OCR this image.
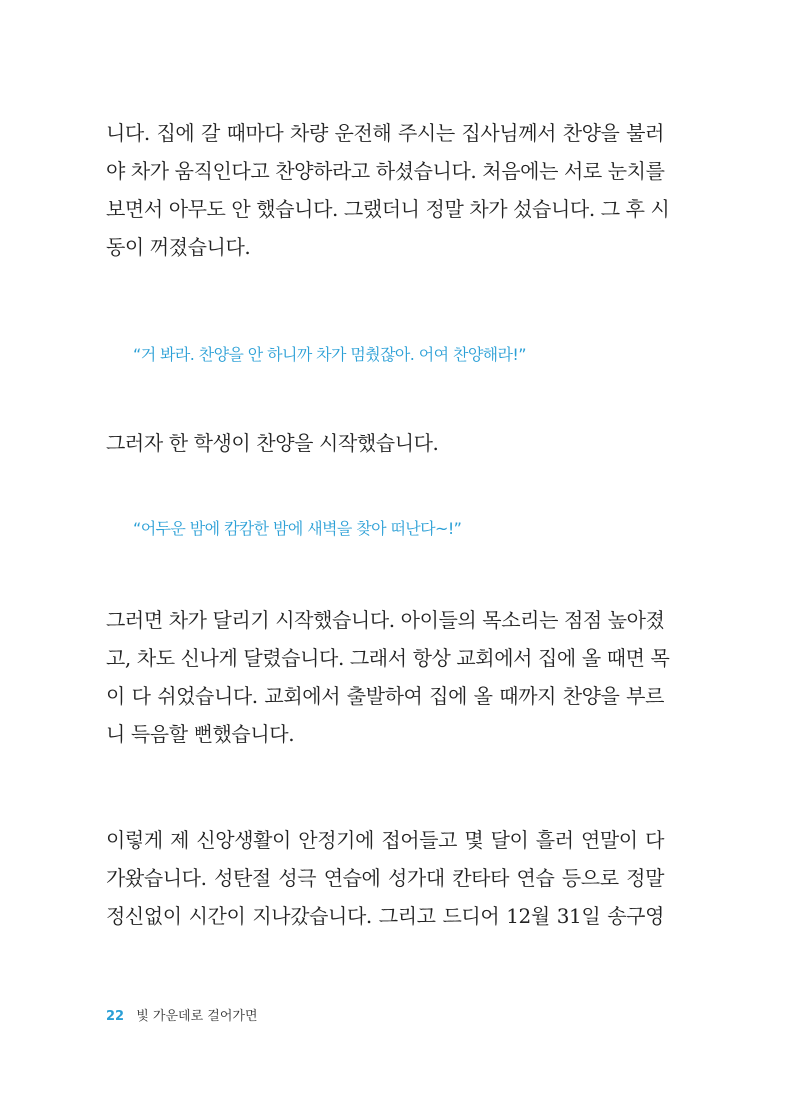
니다. 집에 갈 때마다 차량 운전해 주시는 집사님께서 찬양을 불러
야 차가 움직인다고 찬양하라고 하셨습니다. 처음에는 서로 눈치를
보면서 아무도 안 했습니다. 그랬더니 정말 차가 섰습니다. 그 후 시
동이 꺼졌습니다.

“거 봐라. 찬양을 안 하니까 차가 멈췄잖아. 어여 찬양해라!”

그러자 한 학생이 찬양을 시작했습니다.

“어두운 밤에 캄캄한 밤에 새벽을 찾아 떠난다~!”

그러면 차가 달리기 시작했습니다. 아이들의 목소리는 점점 높아졌
고, 차도 신나게 달렸습니다. 그래서 항상 교회에서 집에 올 때면 목
이 다 쉬었습니다. 교회에서 출발하여 집에 올 때까지 찬양을 부르
니 득음할 뻔했습니다.
이렇게 제 신앙생활이 안정기에 접어들고 몇 달이 흘러 연말이 다
가왔습니다. 성탄절 성극 연습에 성가대 칸타타 연습 등으로 정말
정신없이 시간이 지나갔습니다. 그리고 드디어 12월 31일 송구영
22 빛 가운데로 걸어가면
